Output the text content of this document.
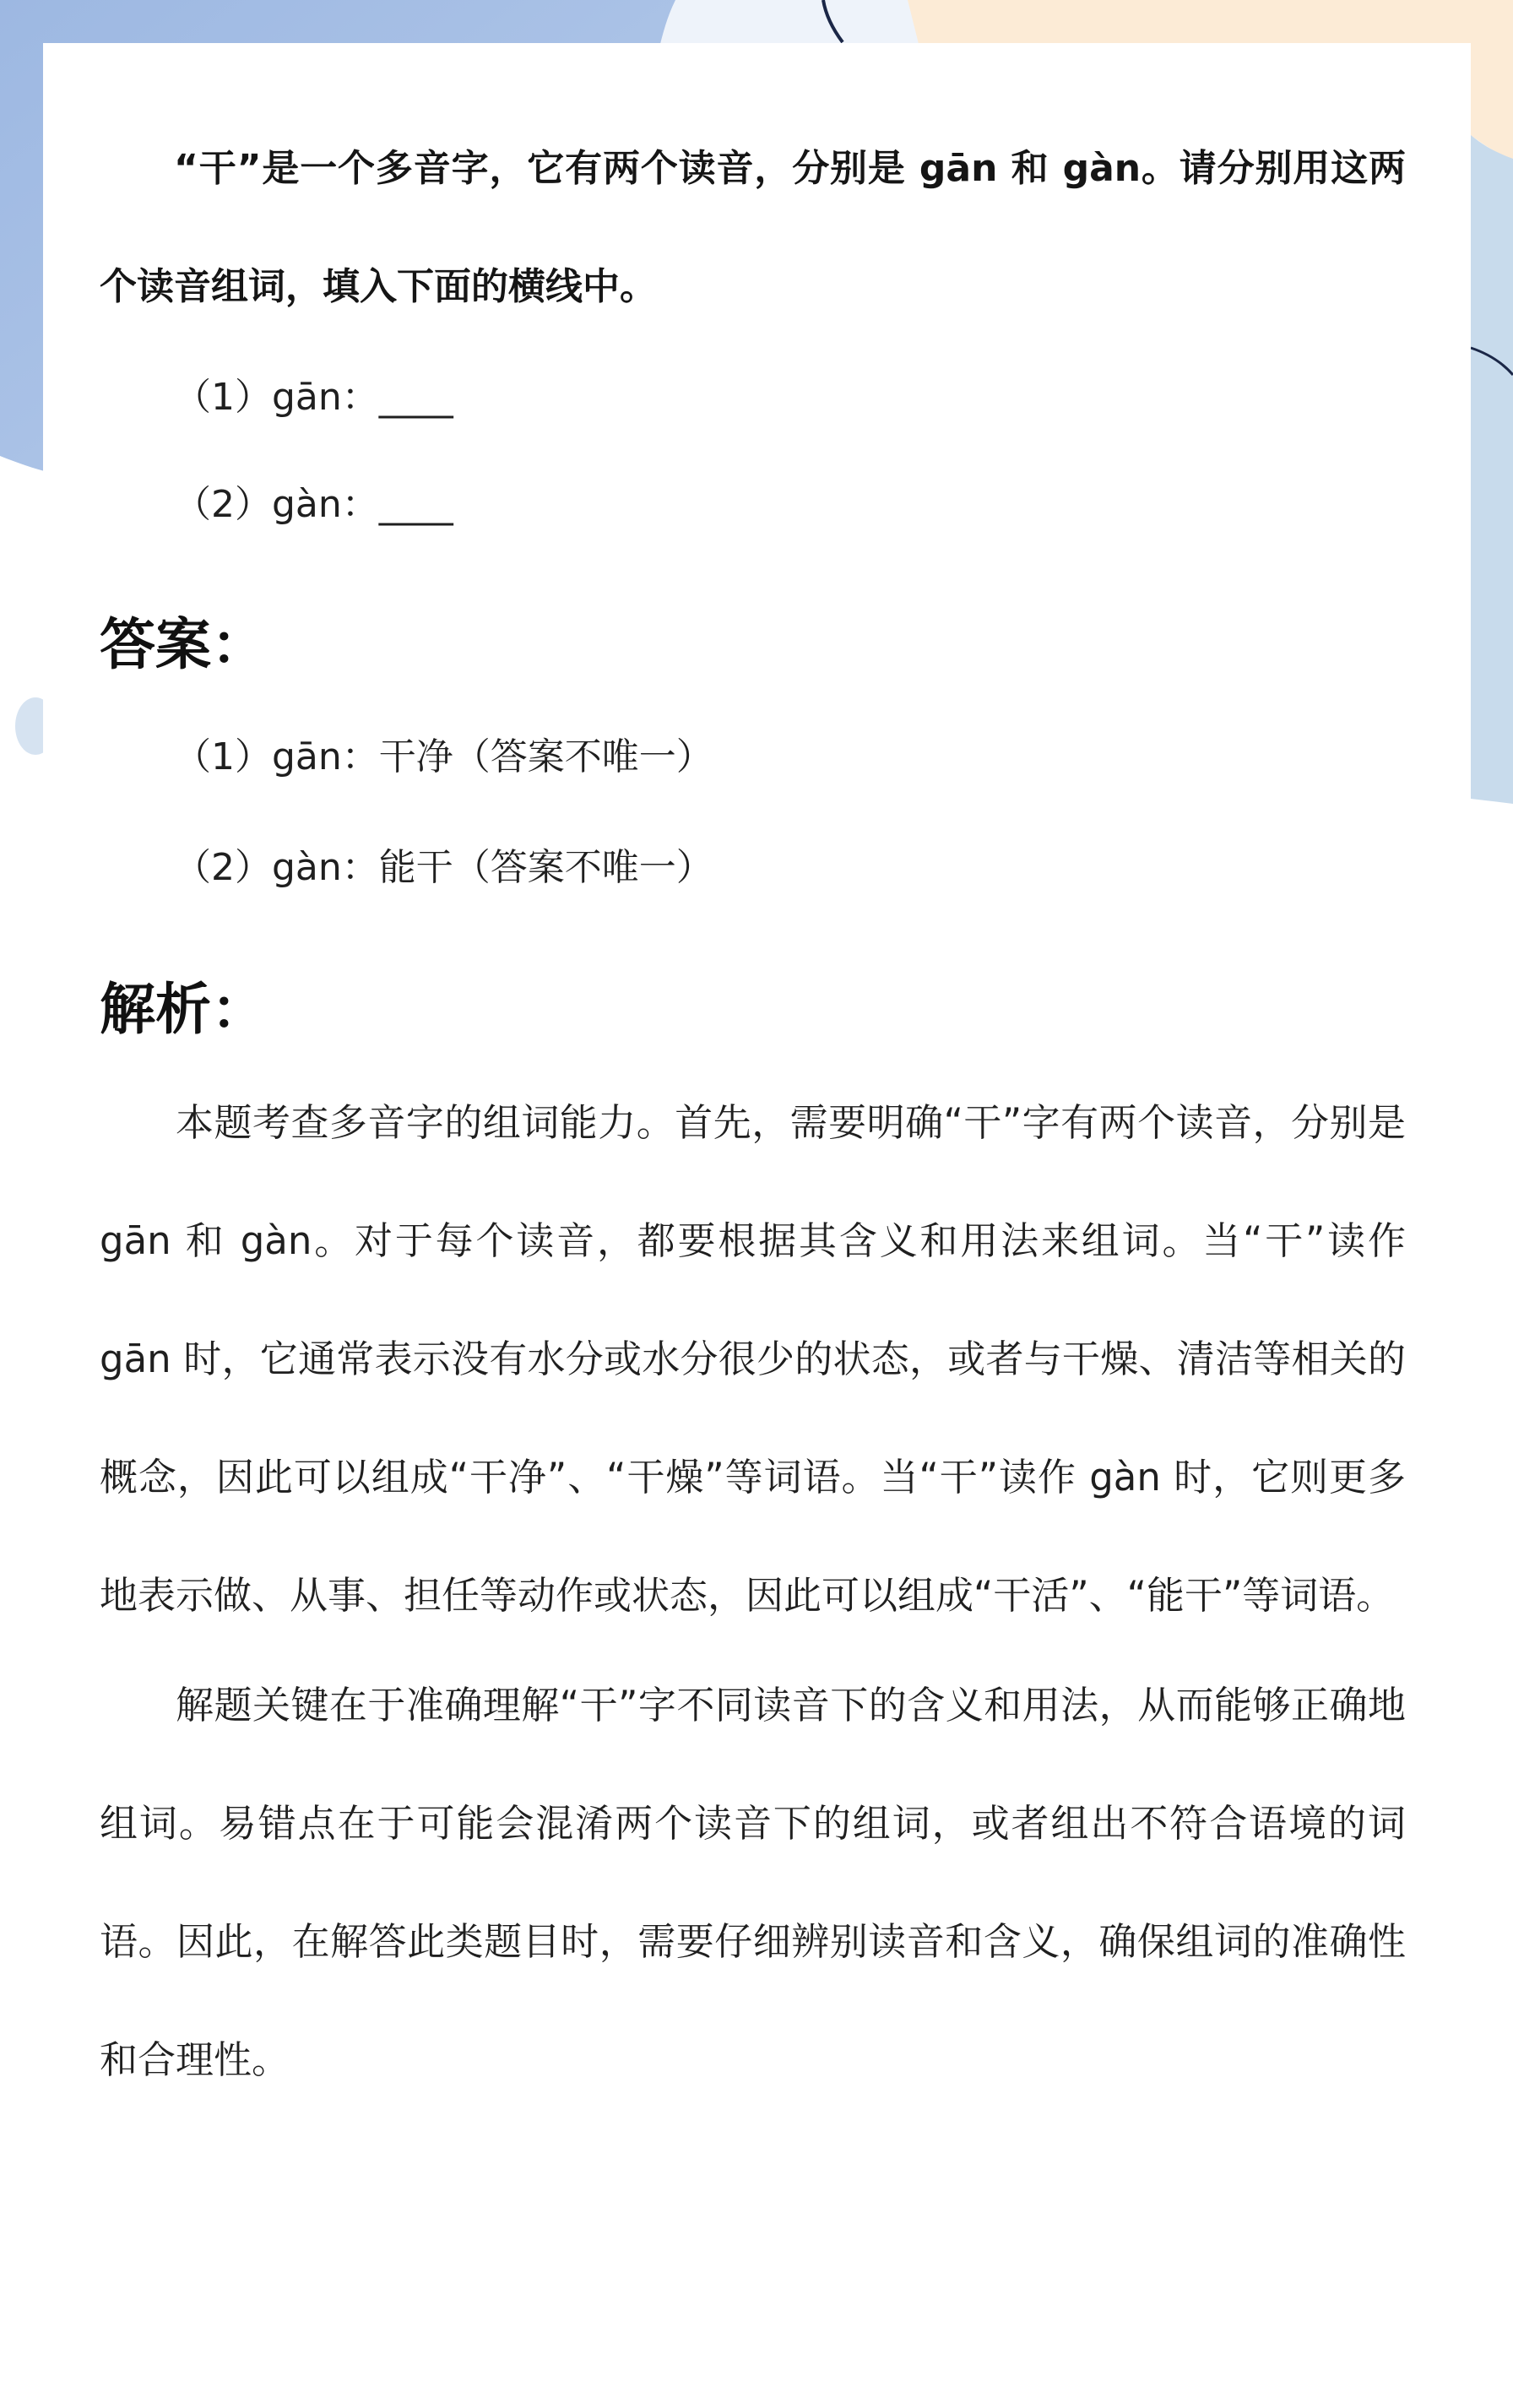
“干”是一个多音字，它有两个读音，分别是 gān 和 gàn。请分别用这两个读音组词，填入下面的横线中。

（1）gān：____
（2）gàn：____
答案：
（1）gān：干净（答案不唯一）
（2）gàn：能干（答案不唯一）
解析：

本题考查多音字的组词能力。首先，需要明确“干”字有两个读音，分别是 gān 和 gàn。对于每个读音，都要根据其含义和用法来组词。当“干”读作 gān 时，它通常表示没有水分或水分很少的状态，或者与干燥、清洁等相关的概念，因此可以组成“干净”、“干燥”等词语。当“干”读作 gàn 时，它则更多地表示做、从事、担任等动作或状态，因此可以组成“干活”、“能干”等词语。

解题关键在于准确理解“干”字不同读音下的含义和用法，从而能够正确地组词。易错点在于可能会混淆两个读音下的组词，或者组出不符合语境的词语。因此，在解答此类题目时，需要仔细辨别读音和含义，确保组词的准确性和合理性。
